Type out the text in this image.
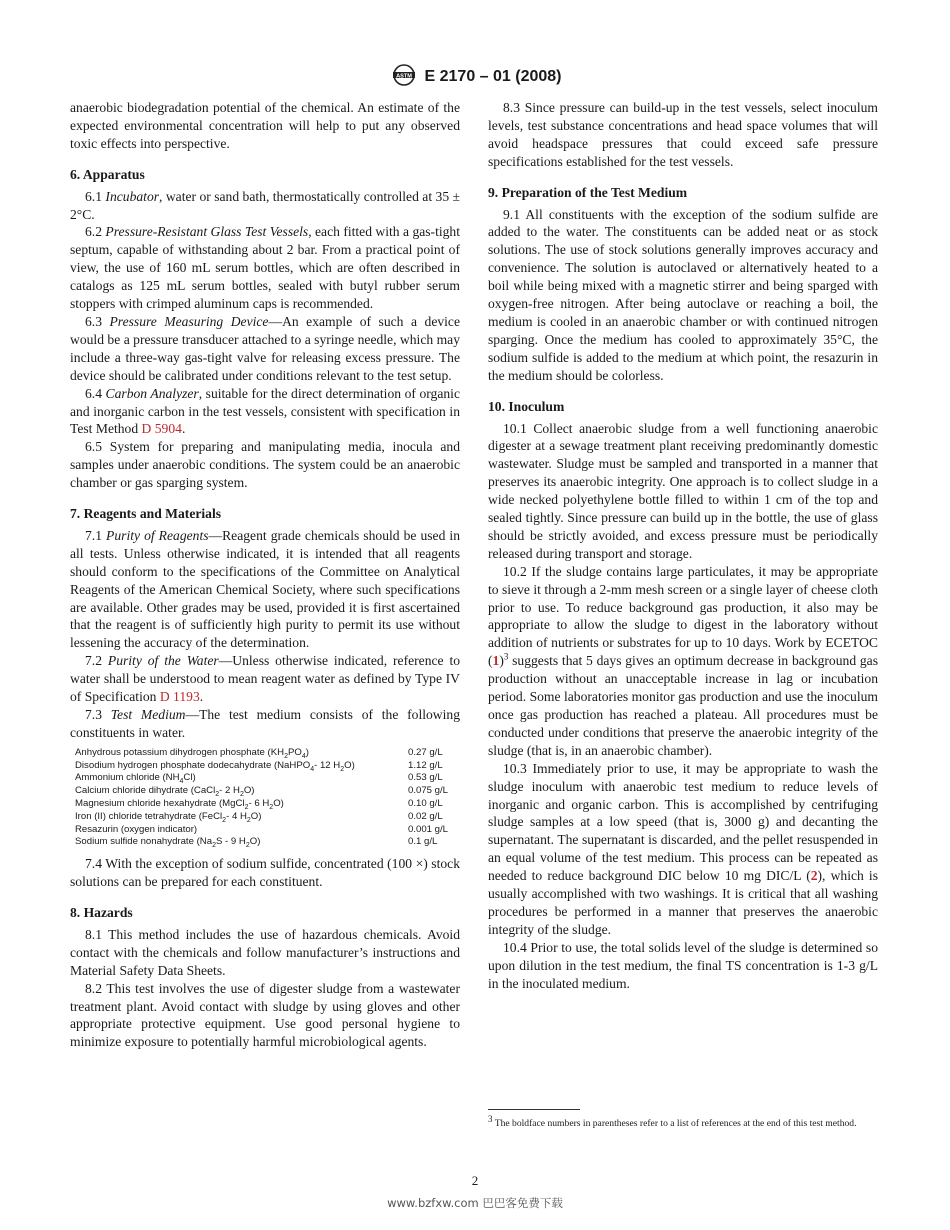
ASTM E 2170 – 01 (2008)

anaerobic biodegradation potential of the chemical. An estimate of the expected environmental concentration will help to put any observed toxic effects into perspective.

6. Apparatus

6.1 Incubator, water or sand bath, thermostatically controlled at 35 ± 2°C.

6.2 Pressure-Resistant Glass Test Vessels, each fitted with a gas-tight septum, capable of withstanding about 2 bar. From a practical point of view, the use of 160 mL serum bottles, which are often described in catalogs as 125 mL serum bottles, sealed with butyl rubber serum stoppers with crimped aluminum caps is recommended.

6.3 Pressure Measuring Device—An example of such a device would be a pressure transducer attached to a syringe needle, which may include a three-way gas-tight valve for releasing excess pressure. The device should be calibrated under conditions relevant to the test setup.

6.4 Carbon Analyzer, suitable for the direct determination of organic and inorganic carbon in the test vessels, consistent with specification in Test Method D 5904.

6.5 System for preparing and manipulating media, inocula and samples under anaerobic conditions. The system could be an anaerobic chamber or gas sparging system.

7. Reagents and Materials

7.1 Purity of Reagents—Reagent grade chemicals should be used in all tests. Unless otherwise indicated, it is intended that all reagents should conform to the specifications of the Committee on Analytical Reagents of the American Chemical Society, where such specifications are available. Other grades may be used, provided it is first ascertained that the reagent is of sufficiently high purity to permit its use without lessening the accuracy of the determination.

7.2 Purity of the Water—Unless otherwise indicated, reference to water shall be understood to mean reagent water as defined by Type IV of Specification D 1193.

7.3 Test Medium—The test medium consists of the following constituents in water.

Anhydrous potassium dihydrogen phosphate $(KH_2PO_4)$	0.27 g/L
Disodium hydrogen phosphate dodecahydrate (NaHPO$_4$- 12 $H_2O$)	1.12 g/L
Ammonium chloride $(NH_4Cl)$	0.53 g/L
Calcium chloride dihydrate (CaCl$_2$- 2 $H_2O$)	0.075 g/L
Magnesium chloride hexahydrate (MgCl$_2$- 6 $H_2O$)	0.10 g/L
Iron (II) chloride tetrahydrate (FeCl$_2$- 4 $H_2O$)	0.02 g/L
Resazurin (oxygen indicator)	0.001 g/L
Sodium sulfide nonahydrate ($Na_2S - 9$ $H_2O$)	0.1 g/L

7.4 With the exception of sodium sulfide, concentrated (100 ×) stock solutions can be prepared for each constituent.

8. Hazards

8.1 This method includes the use of hazardous chemicals. Avoid contact with the chemicals and follow manufacturer’s instructions and Material Safety Data Sheets.

8.2 This test involves the use of digester sludge from a wastewater treatment plant. Avoid contact with sludge by using gloves and other appropriate protective equipment. Use good personal hygiene to minimize exposure to potentially harmful microbiological agents.

8.3 Since pressure can build-up in the test vessels, select inoculum levels, test substance concentrations and head space volumes that will avoid headspace pressures that could exceed safe pressure specifications established for the test vessels.

9. Preparation of the Test Medium

9.1 All constituents with the exception of the sodium sulfide are added to the water. The constituents can be added neat or as stock solutions. The use of stock solutions generally improves accuracy and convenience. The solution is autoclaved or alternatively heated to a boil while being mixed with a magnetic stirrer and being sparged with oxygen-free nitrogen. After being autoclave or reaching a boil, the medium is cooled in an anaerobic chamber or with continued nitrogen sparging. Once the medium has cooled to approximately 35°C, the sodium sulfide is added to the medium at which point, the resazurin in the medium should be colorless.

10. Inoculum

10.1 Collect anaerobic sludge from a well functioning anaerobic digester at a sewage treatment plant receiving predominantly domestic wastewater. Sludge must be sampled and transported in a manner that preserves its anaerobic integrity. One approach is to collect sludge in a wide necked polyethylene bottle filled to within 1 cm of the top and sealed tightly. Since pressure can build up in the bottle, the use of glass should be strictly avoided, and excess pressure must be periodically released during transport and storage.

10.2 If the sludge contains large particulates, it may be appropriate to sieve it through a 2-mm mesh screen or a single layer of cheese cloth prior to use. To reduce background gas production, it also may be appropriate to allow the sludge to digest in the laboratory without addition of nutrients or substrates for up to 10 days. Work by ECETOC $(1)^3$ suggests that 5 days gives an optimum decrease in background gas production without an unacceptable increase in lag or incubation period. Some laboratories monitor gas production and use the inoculum once gas production has reached a plateau. All procedures must be conducted under conditions that preserve the anaerobic integrity of the sludge (that is, in an anaerobic chamber).

10.3 Immediately prior to use, it may be appropriate to wash the sludge inoculum with anaerobic test medium to reduce levels of inorganic and organic carbon. This is accomplished by centrifuging sludge samples at a low speed (that is, 3000 g) and decanting the supernatant. The supernatant is discarded, and the pellet resuspended in an equal volume of the test medium. This process can be repeated as needed to reduce background DIC below 10 mg DIC/L (2), which is usually accomplished with two washings. It is critical that all washing procedures be performed in a manner that preserves the anaerobic integrity of the sludge.

10.4 Prior to use, the total solids level of the sludge is determined so upon dilution in the test medium, the final TS concentration is 1-3 g/L in the inoculated medium.

$^3$ The boldface numbers in parentheses refer to a list of references at the end of this test method.
2
www.bzfxw.com 巴巴客免费下载
